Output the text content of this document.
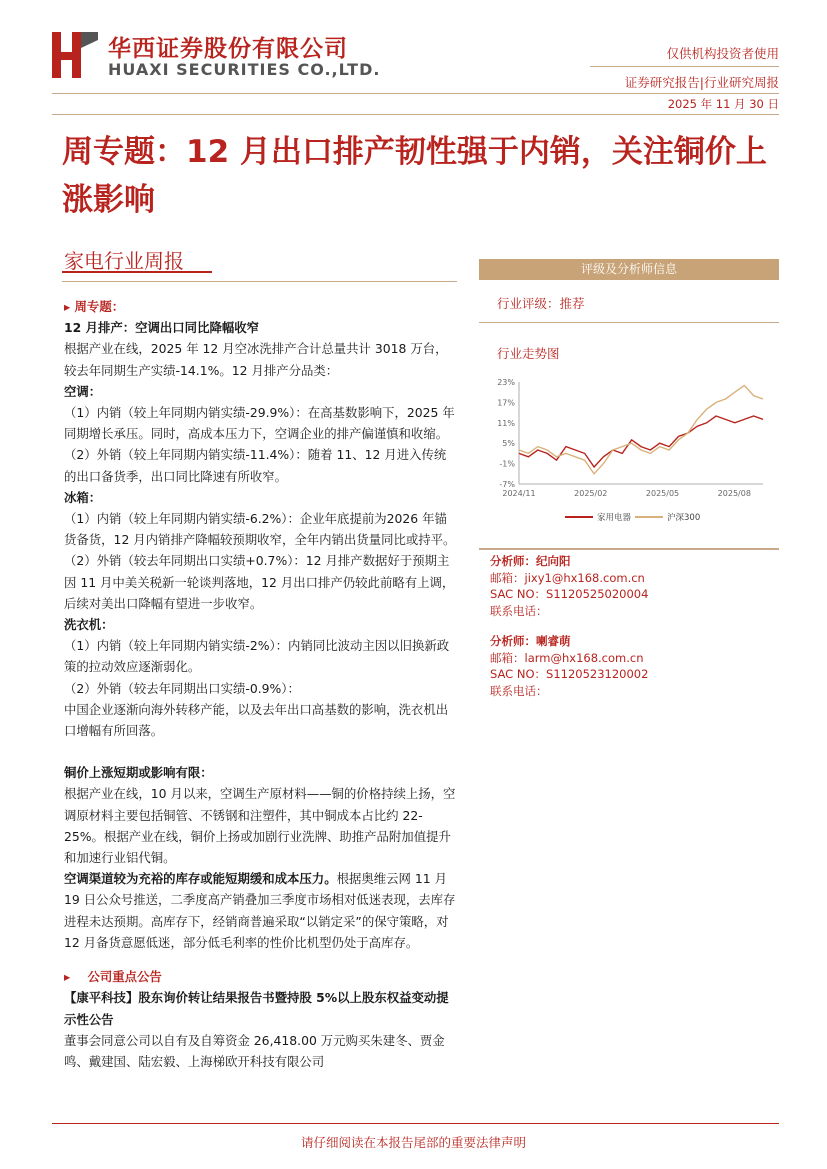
华西证券股份有限公司
HUAXI SECURITIES CO.,LTD.
仅供机构投资者使用
证券研究报告|行业研究周报
2025 年 11 月 30 日
周专题：12 月出口排产韧性强于内销，关注铜价上涨影响
家电行业周报

▸ 周专题：

12 月排产：空调出口同比降幅收窄

根据产业在线，2025 年 12 月空冰洗排产合计总量共计 3018 万台，较去年同期生产实绩-14.1%。12 月排产分品类：

空调：

（1）内销（较上年同期内销实绩-29.9%）：在高基数影响下，2025 年同期增长承压。同时，高成本压力下，空调企业的排产偏谨慎和收缩。

（2）外销（较上年同期内销实绩-11.4%）：随着 11、12 月进入传统的出口备货季，出口同比降速有所收窄。

冰箱：

（1）内销（较上年同期内销实绩-6.2%）：企业年底提前为2026 年锚货备货，12 月内销排产降幅较预期收窄，全年内销出货量同比或持平。

（2）外销（较去年同期出口实绩+0.7%）：12 月排产数据好于预期主因 11 月中美关税新一轮谈判落地，12 月出口排产仍较此前略有上调，后续对美出口降幅有望进一步收窄。

洗衣机：

（1）内销（较上年同期内销实绩-2%）：内销同比波动主因以旧换新政策的拉动效应逐渐弱化。

（2）外销（较去年同期出口实绩-0.9%）：

中国企业逐渐向海外转移产能，以及去年出口高基数的影响，洗衣机出口增幅有所回落。

铜价上涨短期或影响有限：

根据产业在线，10 月以来，空调生产原材料——铜的价格持续上扬，空调原材料主要包括铜管、不锈钢和注塑件，其中铜成本占比约 22-25%。根据产业在线，铜价上扬或加剧行业洗牌、助推产品附加值提升和加速行业铝代铜。

空调渠道较为充裕的库存或能短期缓和成本压力。根据奥维云网 11 月 19 日公众号推送，二季度高产销叠加三季度市场相对低迷表现，去库存进程未达预期。高库存下，经销商普遍采取“以销定采”的保守策略，对 12 月备货意愿低迷，部分低毛利率的性价比机型仍处于高库存。

▸    公司重点公告

【康平科技】股东询价转让结果报告书暨持股 5%以上股东权益变动提示性公告

董事会同意公司以自有及自筹资金 26,418.00 万元购买朱建冬、贾金鸣、戴建国、陆宏毅、上海梯欧开科技有限公司

评级及分析师信息
行业评级：推荐
行业走势图
23%
17%
11%
5%
-1%
-7%
2024/11	2025/02	2025/05	2025/08
家用电器	沪深300
分析师：纪向阳
邮箱：jixy1@hx168.com.cn
SAC NO：S1120525020004
联系电话：
分析师：喇睿萌
邮箱：larm@hx168.com.cn
SAC NO：S1120523120002
联系电话：
请仔细阅读在本报告尾部的重要法律声明
